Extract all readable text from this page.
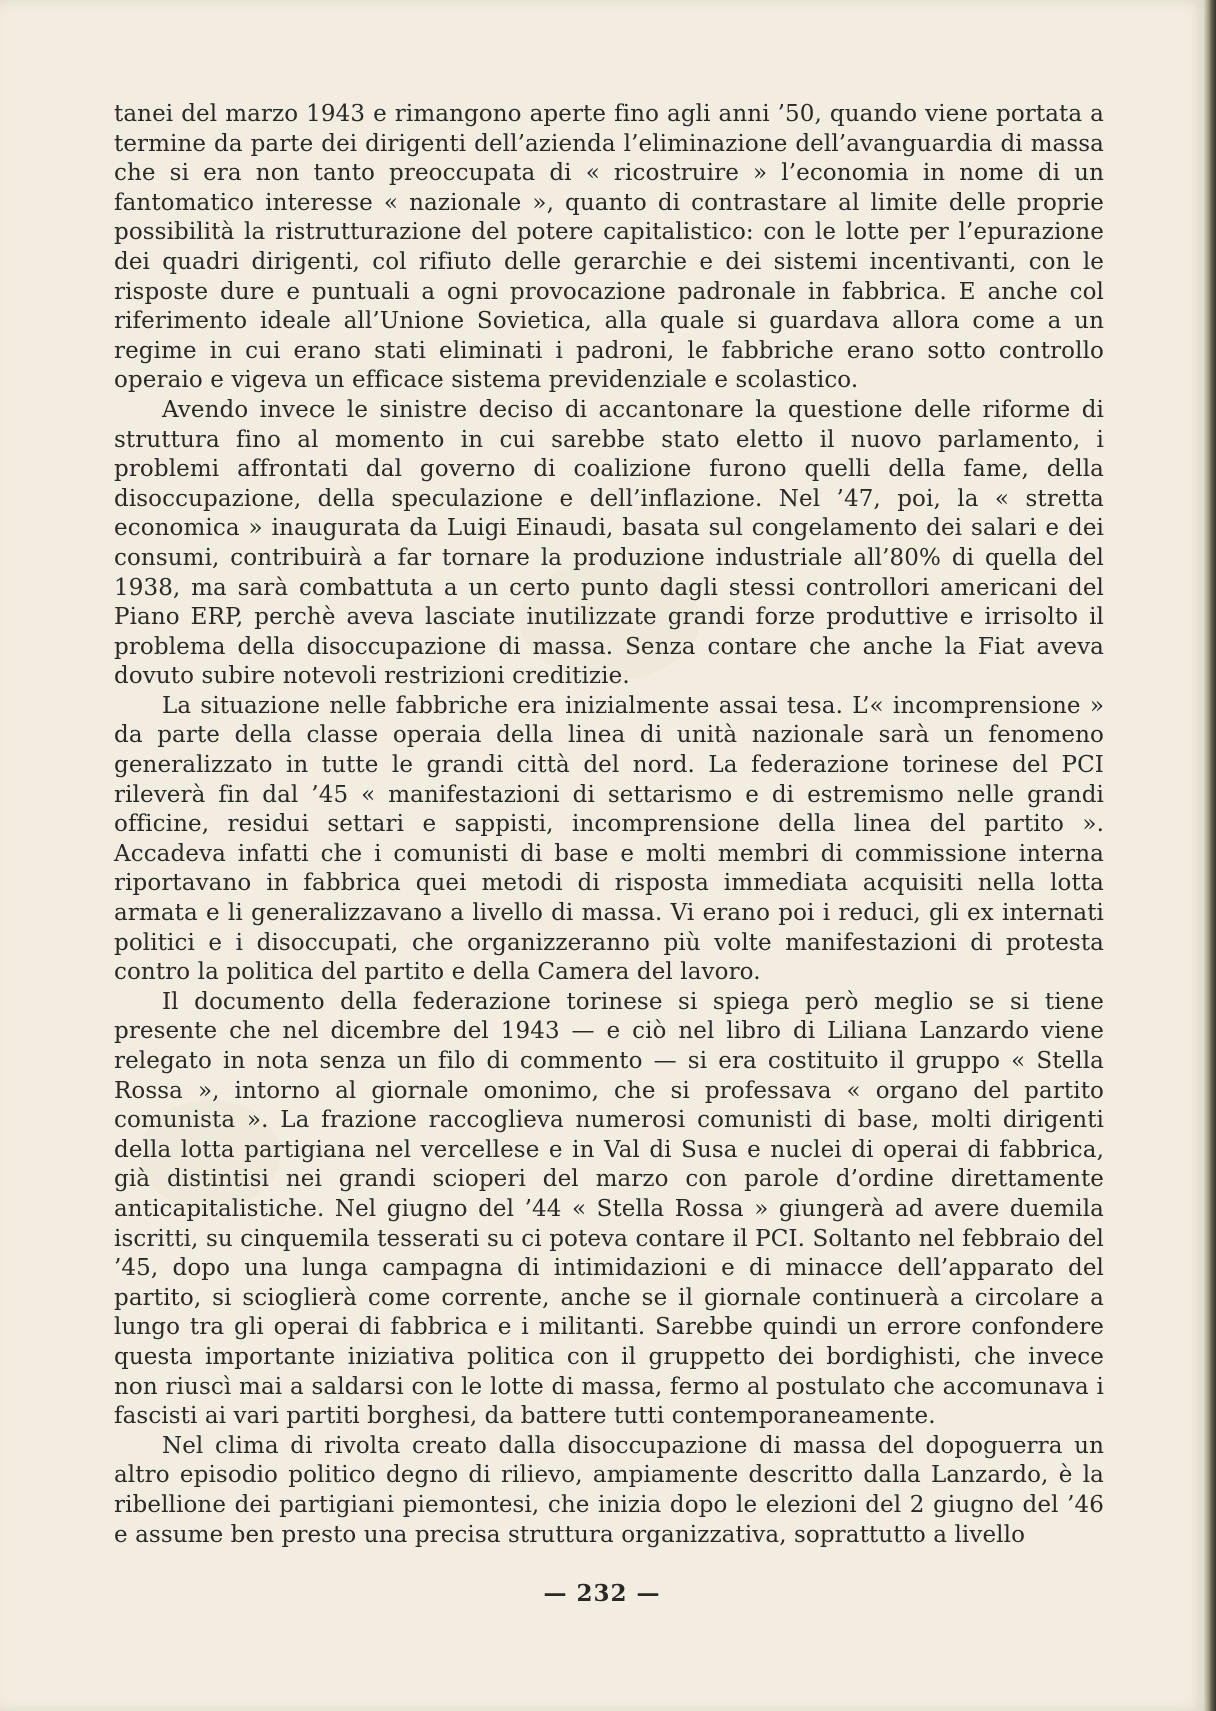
tanei del marzo 1943 e rimangono aperte fino agli anni ’50, quando viene portata a termine da parte dei dirigenti dell’azienda l’eliminazione dell’avanguardia di massa che si era non tanto preoccupata di « ricostruire » l’economia in nome di un fantomatico interesse « nazionale », quanto di contrastare al limite delle proprie possibilità la ristrutturazione del potere capitalistico: con le lotte per l’epurazione dei quadri dirigenti, col rifiuto delle gerarchie e dei sistemi incentivanti, con le risposte dure e puntuali a ogni provocazione padronale in fabbrica. E anche col riferimento ideale all’Unione Sovietica, alla quale si guardava allora come a un regime in cui erano stati eliminati i padroni, le fabbriche erano sotto controllo operaio e vigeva un efficace sistema previdenziale e scolastico.

Avendo invece le sinistre deciso di accantonare la questione delle riforme di struttura fino al momento in cui sarebbe stato eletto il nuovo parlamento, i problemi affrontati dal governo di coalizione furono quelli della fame, della disoccupazione, della speculazione e dell’inflazione. Nel ’47, poi, la « stretta economica » inaugurata da Luigi Einaudi, basata sul congelamento dei salari e dei consumi, contribuirà a far tornare la produzione industriale all’80% di quella del 1938, ma sarà combattuta a un certo punto dagli stessi controllori americani del Piano ERP, perchè aveva lasciate inutilizzate grandi forze produttive e irrisolto il problema della disoccupazione di massa. Senza contare che anche la Fiat aveva dovuto subire notevoli restrizioni creditizie.

La situazione nelle fabbriche era inizialmente assai tesa. L’« incomprensione » da parte della classe operaia della linea di unità nazionale sarà un fenomeno generalizzato in tutte le grandi città del nord. La federazione torinese del PCI rileverà fin dal ’45 « manifestazioni di settarismo e di estremismo nelle grandi officine, residui settari e sappisti, incomprensione della linea del partito ». Accadeva infatti che i comunisti di base e molti membri di commissione interna riportavano in fabbrica quei metodi di risposta immediata acquisiti nella lotta armata e li generalizzavano a livello di massa. Vi erano poi i reduci, gli ex internati politici e i disoccupati, che organizzeranno più volte manifestazioni di protesta contro la politica del partito e della Camera del lavoro.

Il documento della federazione torinese si spiega però meglio se si tiene presente che nel dicembre del 1943 — e ciò nel libro di Liliana Lanzardo viene relegato in nota senza un filo di commento — si era costituito il gruppo « Stella Rossa », intorno al giornale omonimo, che si professava « organo del partito comunista ». La frazione raccoglieva numerosi comunisti di base, molti dirigenti della lotta partigiana nel vercellese e in Val di Susa e nuclei di operai di fabbrica, già distintisi nei grandi scioperi del marzo con parole d’ordine direttamente anticapitalistiche. Nel giugno del ’44 « Stella Rossa » giungerà ad avere duemila iscritti, su cinquemila tesserati su ci poteva contare il PCI. Soltanto nel febbraio del ’45, dopo una lunga campagna di intimidazioni e di minacce dell’apparato del partito, si scioglierà come corrente, anche se il giornale continuerà a circolare a lungo tra gli operai di fabbrica e i militanti. Sarebbe quindi un errore confondere questa importante iniziativa politica con il gruppetto dei bordighisti, che invece non riuscì mai a saldarsi con le lotte di massa, fermo al postulato che accomunava i fascisti ai vari partiti borghesi, da battere tutti contemporaneamente.

Nel clima di rivolta creato dalla disoccupazione di massa del dopoguerra un altro episodio politico degno di rilievo, ampiamente descritto dalla Lanzardo, è la ribellione dei partigiani piemontesi, che inizia dopo le elezioni del 2 giugno del ’46 e assume ben presto una precisa struttura organizzativa, soprattutto a livello

— 232 —
